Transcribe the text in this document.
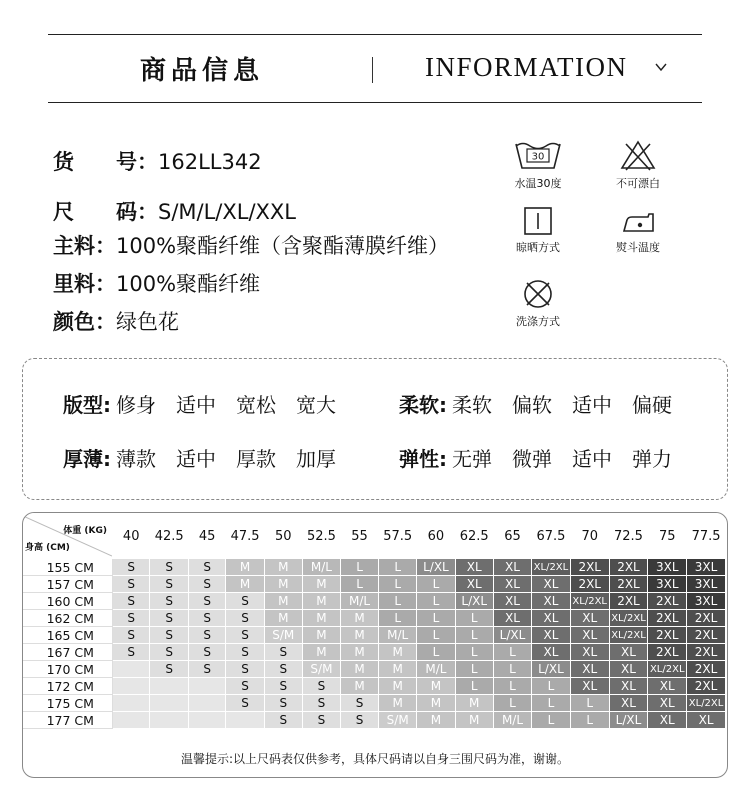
商品信息	INFORMATION
货　　号：162LL342
尺　　码：S/M/L/XL/XXL
主料：100%聚酯纤维（含聚酯薄膜纤维）
里料：100%聚酯纤维
颜色：绿色花
30
水温30度	不可漂白
晾晒方式	熨斗温度
洗涤方式
版型: 修身 适中 宽松 宽大	柔软: 柔软 偏软 适中 偏硬
厚薄: 薄款 适中 厚款 加厚	弹性: 无弹 微弹 适中 弹力
体重 (KG)
身高 (CM)	40	42.5	45	47.5	50	52.5	55	57.5	60	62.5	65	67.5	70	72.5	75	77.5
155 CM	S	S	S	M	M	M/L	L	L	L/XL	XL	XL	XL/2XL	2XL	2XL	3XL	3XL
157 CM	S	S	S	M	M	M	L	L	L	XL	XL	XL	2XL	2XL	3XL	3XL
160 CM	S	S	S	S	M	M	M/L	L	L	L/XL	XL	XL	XL/2XL	2XL	2XL	3XL
162 CM	S	S	S	S	M	M	M	L	L	L	XL	XL	XL	XL/2XL	2XL	2XL
165 CM	S	S	S	S	S/M	M	M	M/L	L	L	L/XL	XL	XL	XL/2XL	2XL	2XL
167 CM	S	S	S	S	S	M	M	M	L	L	L	XL	XL	XL	2XL	2XL
170 CM		S	S	S	S	S/M	M	M	M/L	L	L	L/XL	XL	XL	XL/2XL	2XL
172 CM				S	S	S	M	M	M	L	L	L	XL	XL	XL	2XL
175 CM				S	S	S	S	M	M	M	L	L	L	XL	XL	XL/2XL
177 CM					S	S	S	S/M	M	M	M/L	L	L	L/XL	XL	XL
温馨提示:以上尺码表仅供参考，具体尺码请以自身三围尺码为准，谢谢。
